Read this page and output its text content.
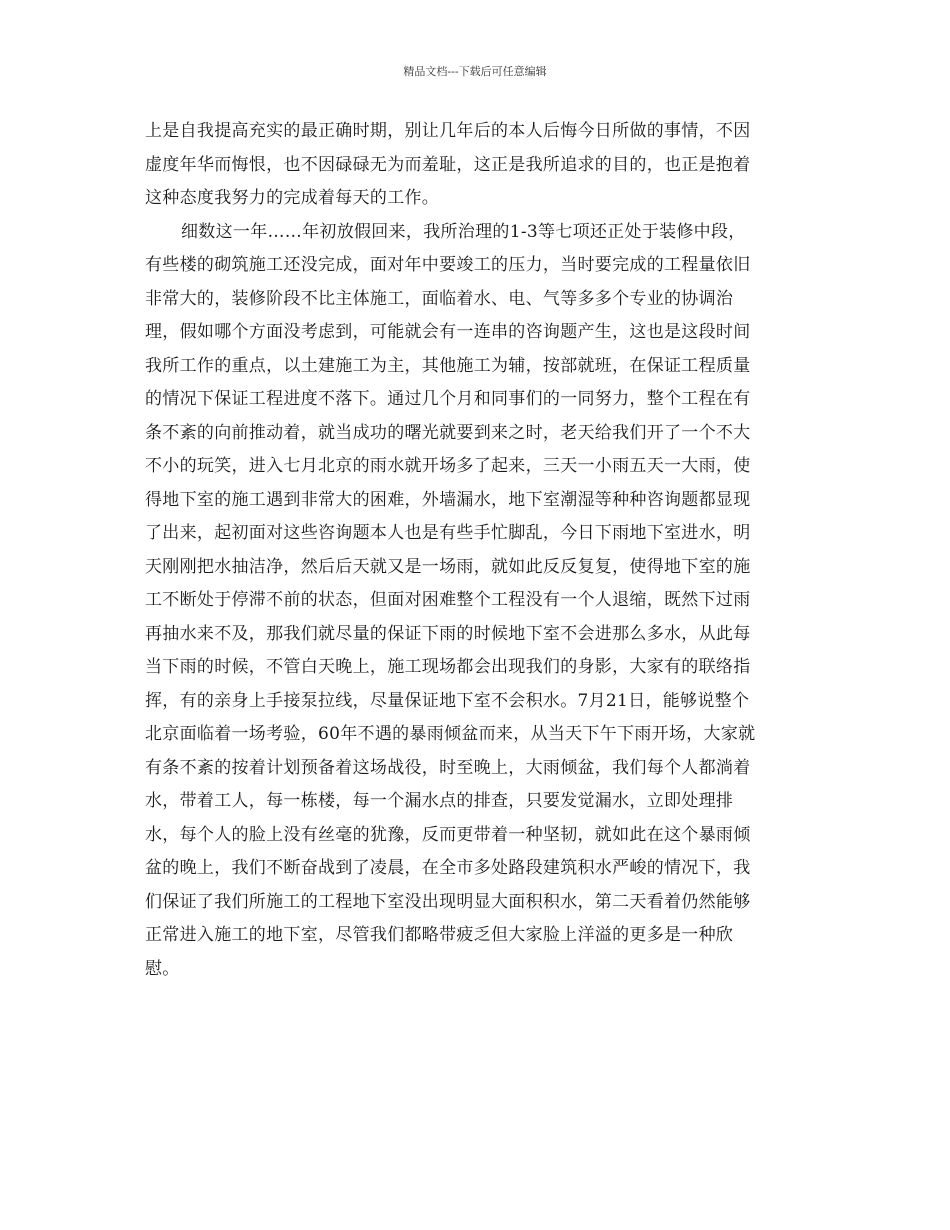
精品文档---下载后可任意编辑
上是自我提高充实的最正确时期，别让几年后的本人后悔今日所做的事情，不因
虚度年华而悔恨，也不因碌碌无为而羞耻，这正是我所追求的目的，也正是抱着
这种态度我努力的完成着每天的工作。
细数这一年……年初放假回来，我所治理的1-3等七项还正处于装修中段，
有些楼的砌筑施工还没完成，面对年中要竣工的压力，当时要完成的工程量依旧
非常大的，装修阶段不比主体施工，面临着水、电、气等多多个专业的协调治
理，假如哪个方面没考虑到，可能就会有一连串的咨询题产生，这也是这段时间
我所工作的重点，以土建施工为主，其他施工为辅，按部就班，在保证工程质量
的情况下保证工程进度不落下。通过几个月和同事们的一同努力，整个工程在有
条不紊的向前推动着，就当成功的曙光就要到来之时，老天给我们开了一个不大
不小的玩笑，进入七月北京的雨水就开场多了起来，三天一小雨五天一大雨，使
得地下室的施工遇到非常大的困难，外墙漏水，地下室潮湿等种种咨询题都显现
了出来，起初面对这些咨询题本人也是有些手忙脚乱，今日下雨地下室进水，明
天刚刚把水抽洁净，然后后天就又是一场雨，就如此反反复复，使得地下室的施
工不断处于停滞不前的状态，但面对困难整个工程没有一个人退缩，既然下过雨
再抽水来不及，那我们就尽量的保证下雨的时候地下室不会进那么多水，从此每
当下雨的时候，不管白天晚上，施工现场都会出现我们的身影，大家有的联络指
挥，有的亲身上手接泵拉线，尽量保证地下室不会积水。7月21日，能够说整个
北京面临着一场考验，60年不遇的暴雨倾盆而来，从当天下午下雨开场，大家就
有条不紊的按着计划预备着这场战役，时至晚上，大雨倾盆，我们每个人都淌着
水，带着工人，每一栋楼，每一个漏水点的排查，只要发觉漏水，立即处理排
水，每个人的脸上没有丝毫的犹豫，反而更带着一种坚韧，就如此在这个暴雨倾
盆的晚上，我们不断奋战到了凌晨，在全市多处路段建筑积水严峻的情况下，我
们保证了我们所施工的工程地下室没出现明显大面积积水，第二天看着仍然能够
正常进入施工的地下室，尽管我们都略带疲乏但大家脸上洋溢的更多是一种欣
慰。
